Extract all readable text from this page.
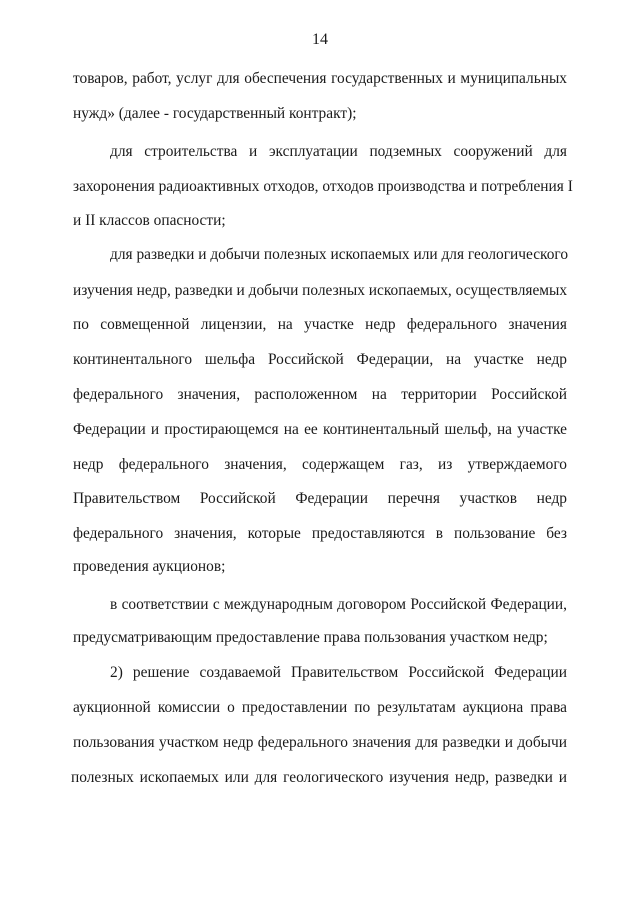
14
товаров, работ, услуг для обеспечения государственных и муниципальных
нужд» (далее - государственный контракт);
для строительства и эксплуатации подземных сооружений для
захоронения радиоактивных отходов, отходов производства и потребления I
и II классов опасности;
для разведки и добычи полезных ископаемых или для геологического
изучения недр, разведки и добычи полезных ископаемых, осуществляемых
по совмещенной лицензии, на участке недр федерального значения
континентального шельфа Российской Федерации, на участке недр
федерального значения, расположенном на территории Российской
Федерации и простирающемся на ее континентальный шельф, на участке
недр федерального значения, содержащем газ, из утверждаемого
Правительством Российской Федерации перечня участков недр
федерального значения, которые предоставляются в пользование без
проведения аукционов;
в соответствии с международным договором Российской Федерации,
предусматривающим предоставление права пользования участком недр;
2) решение создаваемой Правительством Российской Федерации
аукционной комиссии о предоставлении по результатам аукциона права
пользования участком недр федерального значения для разведки и добычи
полезных ископаемых или для геологического изучения недр, разведки и
